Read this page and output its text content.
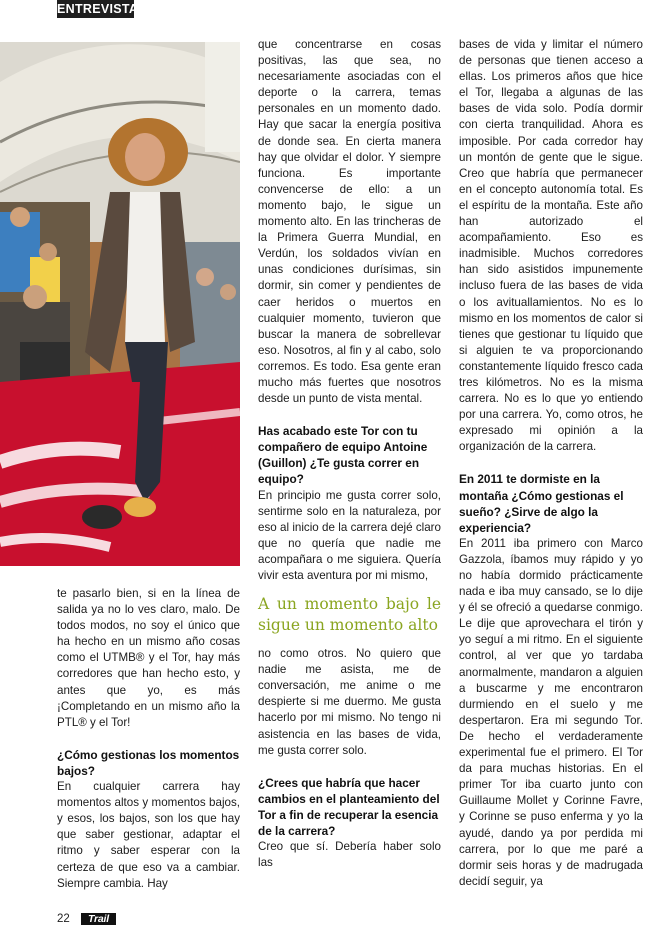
ENTREVISTA

te pasarlo bien, si en la línea de salida ya no lo ves claro, malo. De todos modos, no soy el único que ha hecho en un mismo año cosas como el UTMB® y el Tor, hay más corredores que han hecho esto, y antes que yo, es más ¡Completando en un mismo año la PTL® y el Tor!

¿Cómo gestionas los momentos bajos?

En cualquier carrera hay momentos altos y momentos bajos, y esos, los bajos, son los que hay que saber gestionar, adaptar el ritmo y saber esperar con la certeza de que eso va a cambiar. Siempre cambia. Hay

que concentrarse en cosas positivas, las que sea, no necesariamente asociadas con el deporte o la carrera, temas personales en un momento dado. Hay que sacar la energía positiva de donde sea. En cierta manera hay que olvidar el dolor. Y siempre funciona. Es importante convencerse de ello: a un momento bajo, le sigue un momento alto. En las trincheras de la Primera Guerra Mundial, en Verdún, los soldados vivían en unas condiciones durísimas, sin dormir, sin comer y pendientes de caer heridos o muertos en cualquier momento, tuvieron que buscar la manera de sobrellevar eso. Nosotros, al fin y al cabo, solo corremos. Es todo. Esa gente eran mucho más fuertes que nosotros desde un punto de vista mental.

Has acabado este Tor con tu compañero de equipo Antoine (Guillon) ¿Te gusta correr en equipo?

En principio me gusta correr solo, sentirme solo en la naturaleza, por eso al inicio de la carrera dejé claro que no quería que nadie me acompañara o me siguiera. Quería vivir esta aventura por mi mismo,

A un momento bajo le sigue un momento alto

no como otros. No quiero que nadie me asista, me de conversación, me anime o me despierte si me duermo. Me gusta hacerlo por mi mismo. No tengo ni asistencia en las bases de vida, me gusta correr solo.

¿Crees que habría que hacer cambios en el planteamiento del Tor a fin de recuperar la esencia de la carrera?

Creo que sí. Debería haber solo las

bases de vida y limitar el número de personas que tienen acceso a ellas. Los primeros años que hice el Tor, llegaba a algunas de las bases de vida solo. Podía dormir con cierta tranquilidad. Ahora es imposible. Por cada corredor hay un montón de gente que le sigue. Creo que habría que permanecer en el concepto autonomía total. Es el espíritu de la montaña. Este año han autorizado el acompañamiento. Eso es inadmisible. Muchos corredores han sido asistidos impunemente incluso fuera de las bases de vida o los avituallamientos. No es lo mismo en los momentos de calor si tienes que gestionar tu líquido que si alguien te va proporcionando constantemente líquido fresco cada tres kilómetros. No es la misma carrera. No es lo que yo entiendo por una carrera. Yo, como otros, he expresado mi opinión a la organización de la carrera.

En 2011 te dormiste en la montaña ¿Cómo gestionas el sueño? ¿Sirve de algo la experiencia?

En 2011 iba primero con Marco Gazzola, íbamos muy rápido y yo no había dormido prácticamente nada e iba muy cansado, se lo dije y él se ofreció a quedarse conmigo. Le dije que aprovechara el tirón y yo seguí a mi ritmo. En el siguiente control, al ver que yo tardaba anormalmente, mandaron a alguien a buscarme y me encontraron durmiendo en el suelo y me despertaron. Era mi segundo Tor. De hecho el verdaderamente experimental fue el primero. El Tor da para muchas historias. En el primer Tor iba cuarto junto con Guillaume Mollet y Corinne Favre, y Corinne se puso enferma y yo la ayudé, dando ya por perdida mi carrera, por lo que me paré a dormir seis horas y de madrugada decidí seguir, ya

22	Trail
